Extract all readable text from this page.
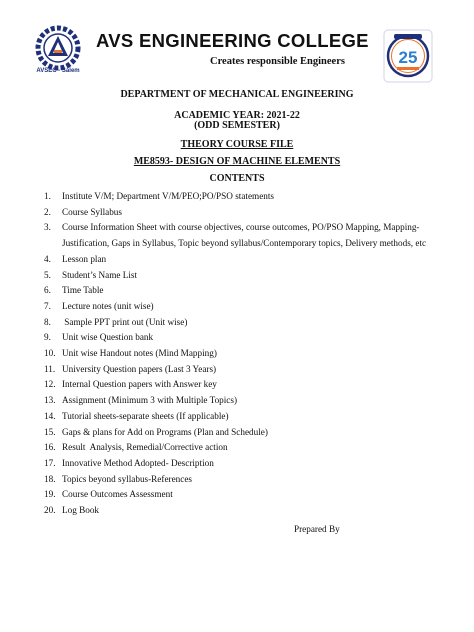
AVSEC - Salem
AVS ENGINEERING COLLEGE
Creates responsible Engineers	25
DEPARTMENT OF MECHANICAL ENGINEERING
ACADEMIC YEAR: 2021-22
(ODD SEMESTER)
THEORY COURSE FILE
ME8593- DESIGN OF MACHINE ELEMENTS
CONTENTS
1. Institute V/M; Department V/M/PEO;PO/PSO statements
2. Course Syllabus
3. Course Information Sheet with course objectives, course outcomes, PO/PSO Mapping, Mapping-
Justification, Gaps in Syllabus, Topic beyond syllabus/Contemporary topics, Delivery methods, etc
4. Lesson plan
5. Student’s Name List
6. Time Table
7. Lecture notes (unit wise)
8. Sample PPT print out (Unit wise)
9. Unit wise Question bank
10. Unit wise Handout notes (Mind Mapping)
11. University Question papers (Last 3 Years)
12. Internal Question papers with Answer key
13. Assignment (Minimum 3 with Multiple Topics)
14. Tutorial sheets-separate sheets (If applicable)
15. Gaps & plans for Add on Programs (Plan and Schedule)
16. Result  Analysis, Remedial/Corrective action
17. Innovative Method Adopted- Description
18. Topics beyond syllabus-References
19. Course Outcomes Assessment
20. Log Book
Prepared By
